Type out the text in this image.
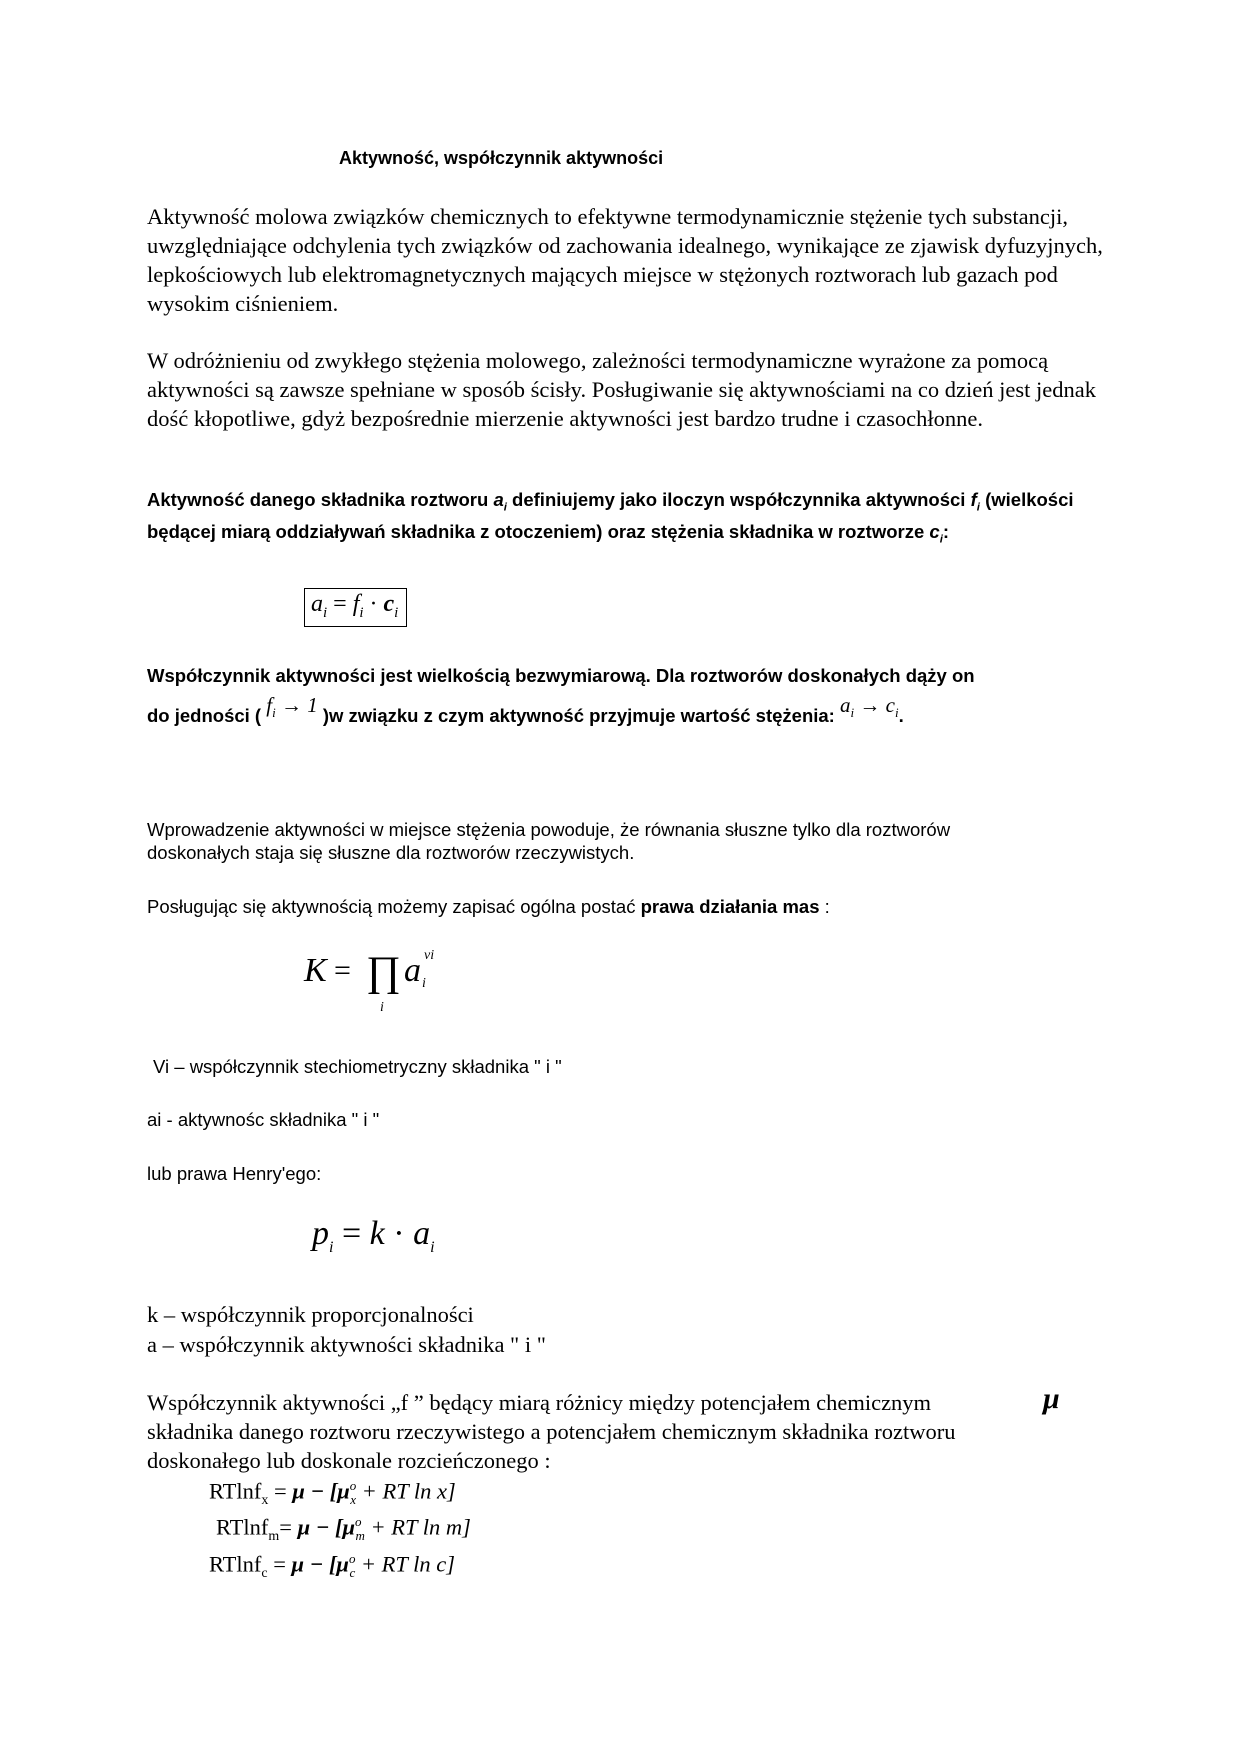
Aktywność, współczynnik aktywności
Aktywność molowa związków chemicznych to efektywne termodynamicznie stężenie tych substancji, uwzględniające odchylenia tych związków od zachowania idealnego, wynikające ze zjawisk dyfuzyjnych, lepkościowych lub elektromagnetycznych mających miejsce w stężonych roztworach lub gazach pod wysokim ciśnieniem.
W odróżnieniu od zwykłego stężenia molowego, zależności termodynamiczne wyrażone za pomocą aktywności są zawsze spełniane w sposób ścisły. Posługiwanie się aktywnościami na co dzień jest jednak dość kłopotliwe, gdyż bezpośrednie mierzenie aktywności jest bardzo trudne i czasochłonne.
Aktywność danego składnika roztworu $a_i$ definiujemy jako iloczyn współczynnika aktywności $f_i$ (wielkości będącej miarą oddziaływań składnika z otoczeniem) oraz stężenia składnika w roztworze $c_i$:
$a_i = f_i \cdot c_i$
Współczynnik aktywności jest wielkością bezwymiarową. Dla roztworów doskonałych dąży on
do jedności ( $f_i \to 1$ )w związku z czym aktywność przyjmuje wartość stężenia: $a_i \to c_i$.
Wprowadzenie aktywności w miejsce stężenia powoduje, że równania słuszne tylko dla roztworów
doskonałych staja się słuszne dla roztworów rzeczywistych.
Posługując się aktywnością możemy zapisać ogólna postać prawa działania mas :
K = ∏
i
a i
νi
Vi – współczynnik stechiometryczny składnika " i "
ai - aktywnośc składnika " i "
lub prawa Henry'ego:
$p_i = k \cdot a_i$
k – współczynnik proporcjonalności
a – współczynnik aktywności składnika " i "
Współczynnik aktywności „f ” będący miarą różnicy między potencjałem chemicznym	μ
składnika danego roztworu rzeczywistego a potencjałem chemicznym składnika roztworu
doskonałego lub doskonale rozcieńczonego :
$RTlnf_x = \mu - [\mu^o_x$ + RT ln x]
$RTlnf_m= \mu - [\mu^o_m$ + RT ln m]
$RTlnf_c = \mu - [\mu^o_c$ + RT ln c]
